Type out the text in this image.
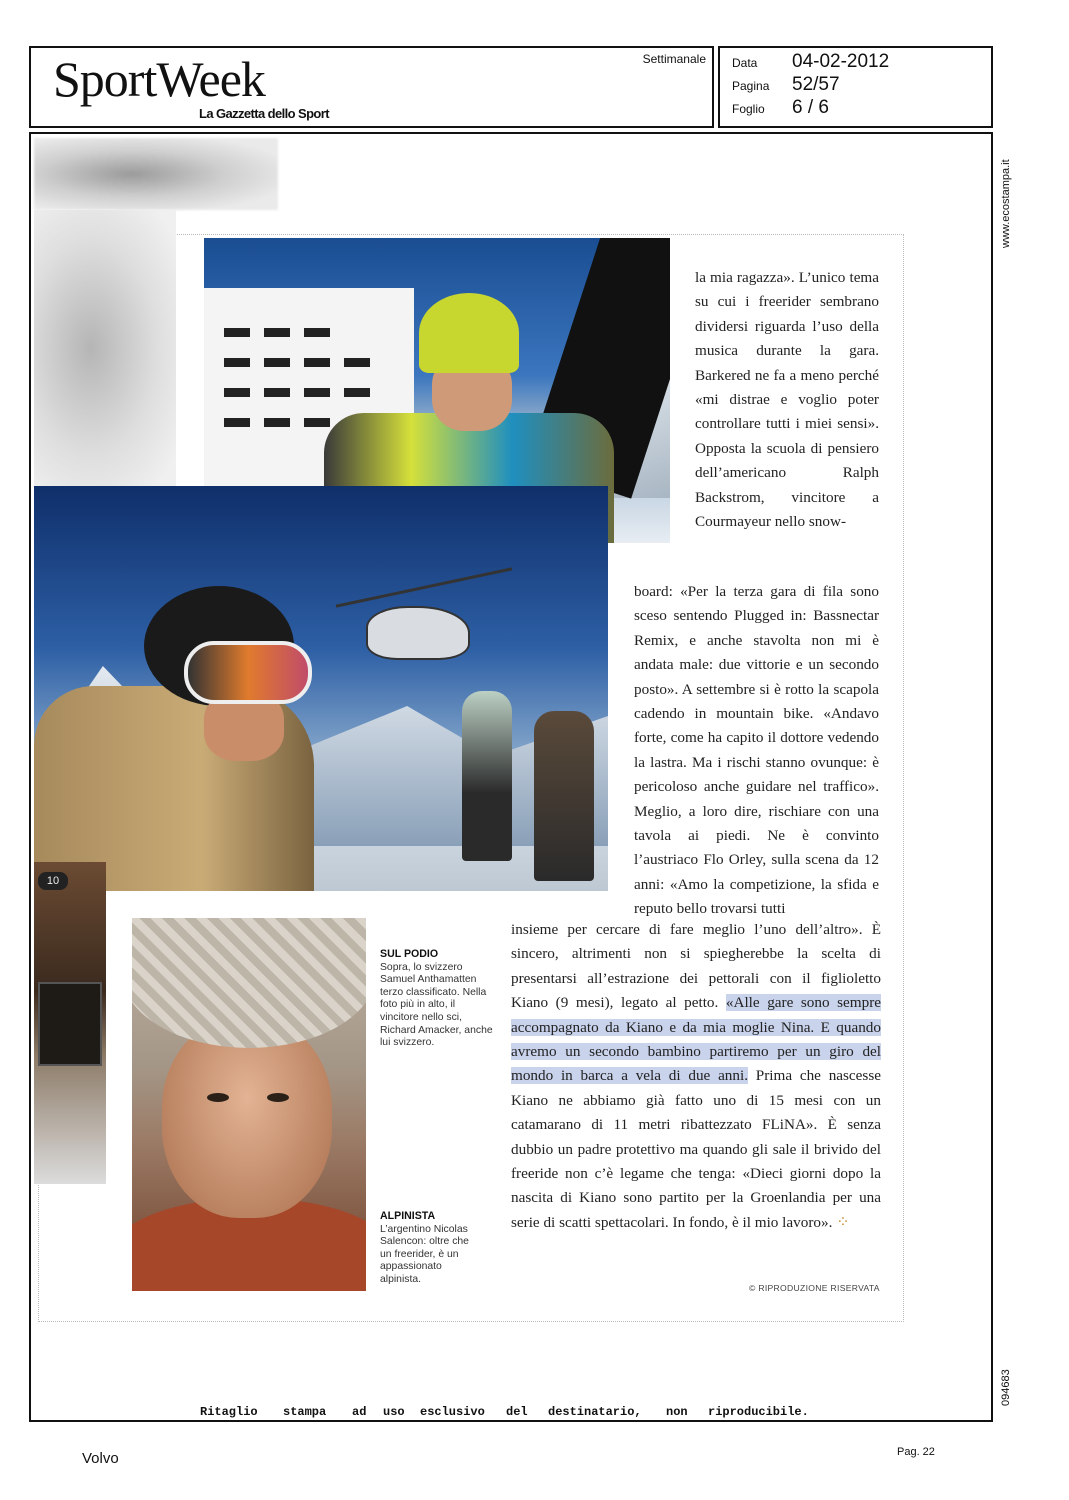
SportWeek
La Gazzetta dello Sport
Settimanale Data 04-02-2012
Pagina 52/57
Foglio 6 / 6
www.ecostampa.it
094683
10
la mia ragazza». L’unico tema su cui i freerider sembrano dividersi riguarda l’uso della musica durante la gara. Barkered ne fa a meno perché «mi distrae e voglio poter controllare tutti i miei sensi». Opposta la scuola di pensiero dell’americano Ralph Backstrom, vincitore a Courmayeur nello snow-
board: «Per la terza gara di fila sono sceso sentendo Plugged in: Bassnectar Remix, e anche stavolta non mi è andata male: due vittorie e un secondo posto». A settembre si è rotto la scapola cadendo in mountain bike. «Andavo forte, come ha capito il dottore vedendo la lastra. Ma i rischi stanno ovunque: è pericoloso anche guidare nel traffico». Meglio, a loro dire, rischiare con una tavola ai piedi. Ne è convinto l’austriaco Flo Orley, sulla scena da 12 anni: «Amo la competizione, la sfida e reputo bello trovarsi tutti
insieme per cercare di fare meglio l’uno dell’altro». È sincero, altrimenti non si spiegherebbe la scelta di presentarsi all’estrazione dei pettorali con il figlioletto Kiano (9 mesi), legato al petto. «Alle gare sono sempre accompagnato da Kiano e da mia moglie Nina. E quando avremo un secondo bambino partiremo per un giro del mondo in barca a vela di due anni. Prima che nascesse Kiano ne abbiamo già fatto uno di 15 mesi con un catamarano di 11 metri ribattezzato FLiNA». È senza dubbio un padre protettivo ma quando gli sale il brivido del freeride non c’è legame che tenga: «Dieci giorni dopo la nascita di Kiano sono partito per la Groenlandia per una serie di scatti spettacolari. In fondo, è il mio lavoro». ⁘
SUL PODIO
Sopra, lo svizzero Samuel Anthamatten terzo classificato. Nella foto più in alto, il vincitore nello sci, Richard Amacker, anche lui svizzero.
ALPINISTA
L’argentino Nicolas Salencon: oltre che un freerider, è un appassionato alpinista.
© RIPRODUZIONE RISERVATA
Ritaglio stampa ad uso esclusivo del destinatario, non riproducibile.
Volvo	Pag. 22
